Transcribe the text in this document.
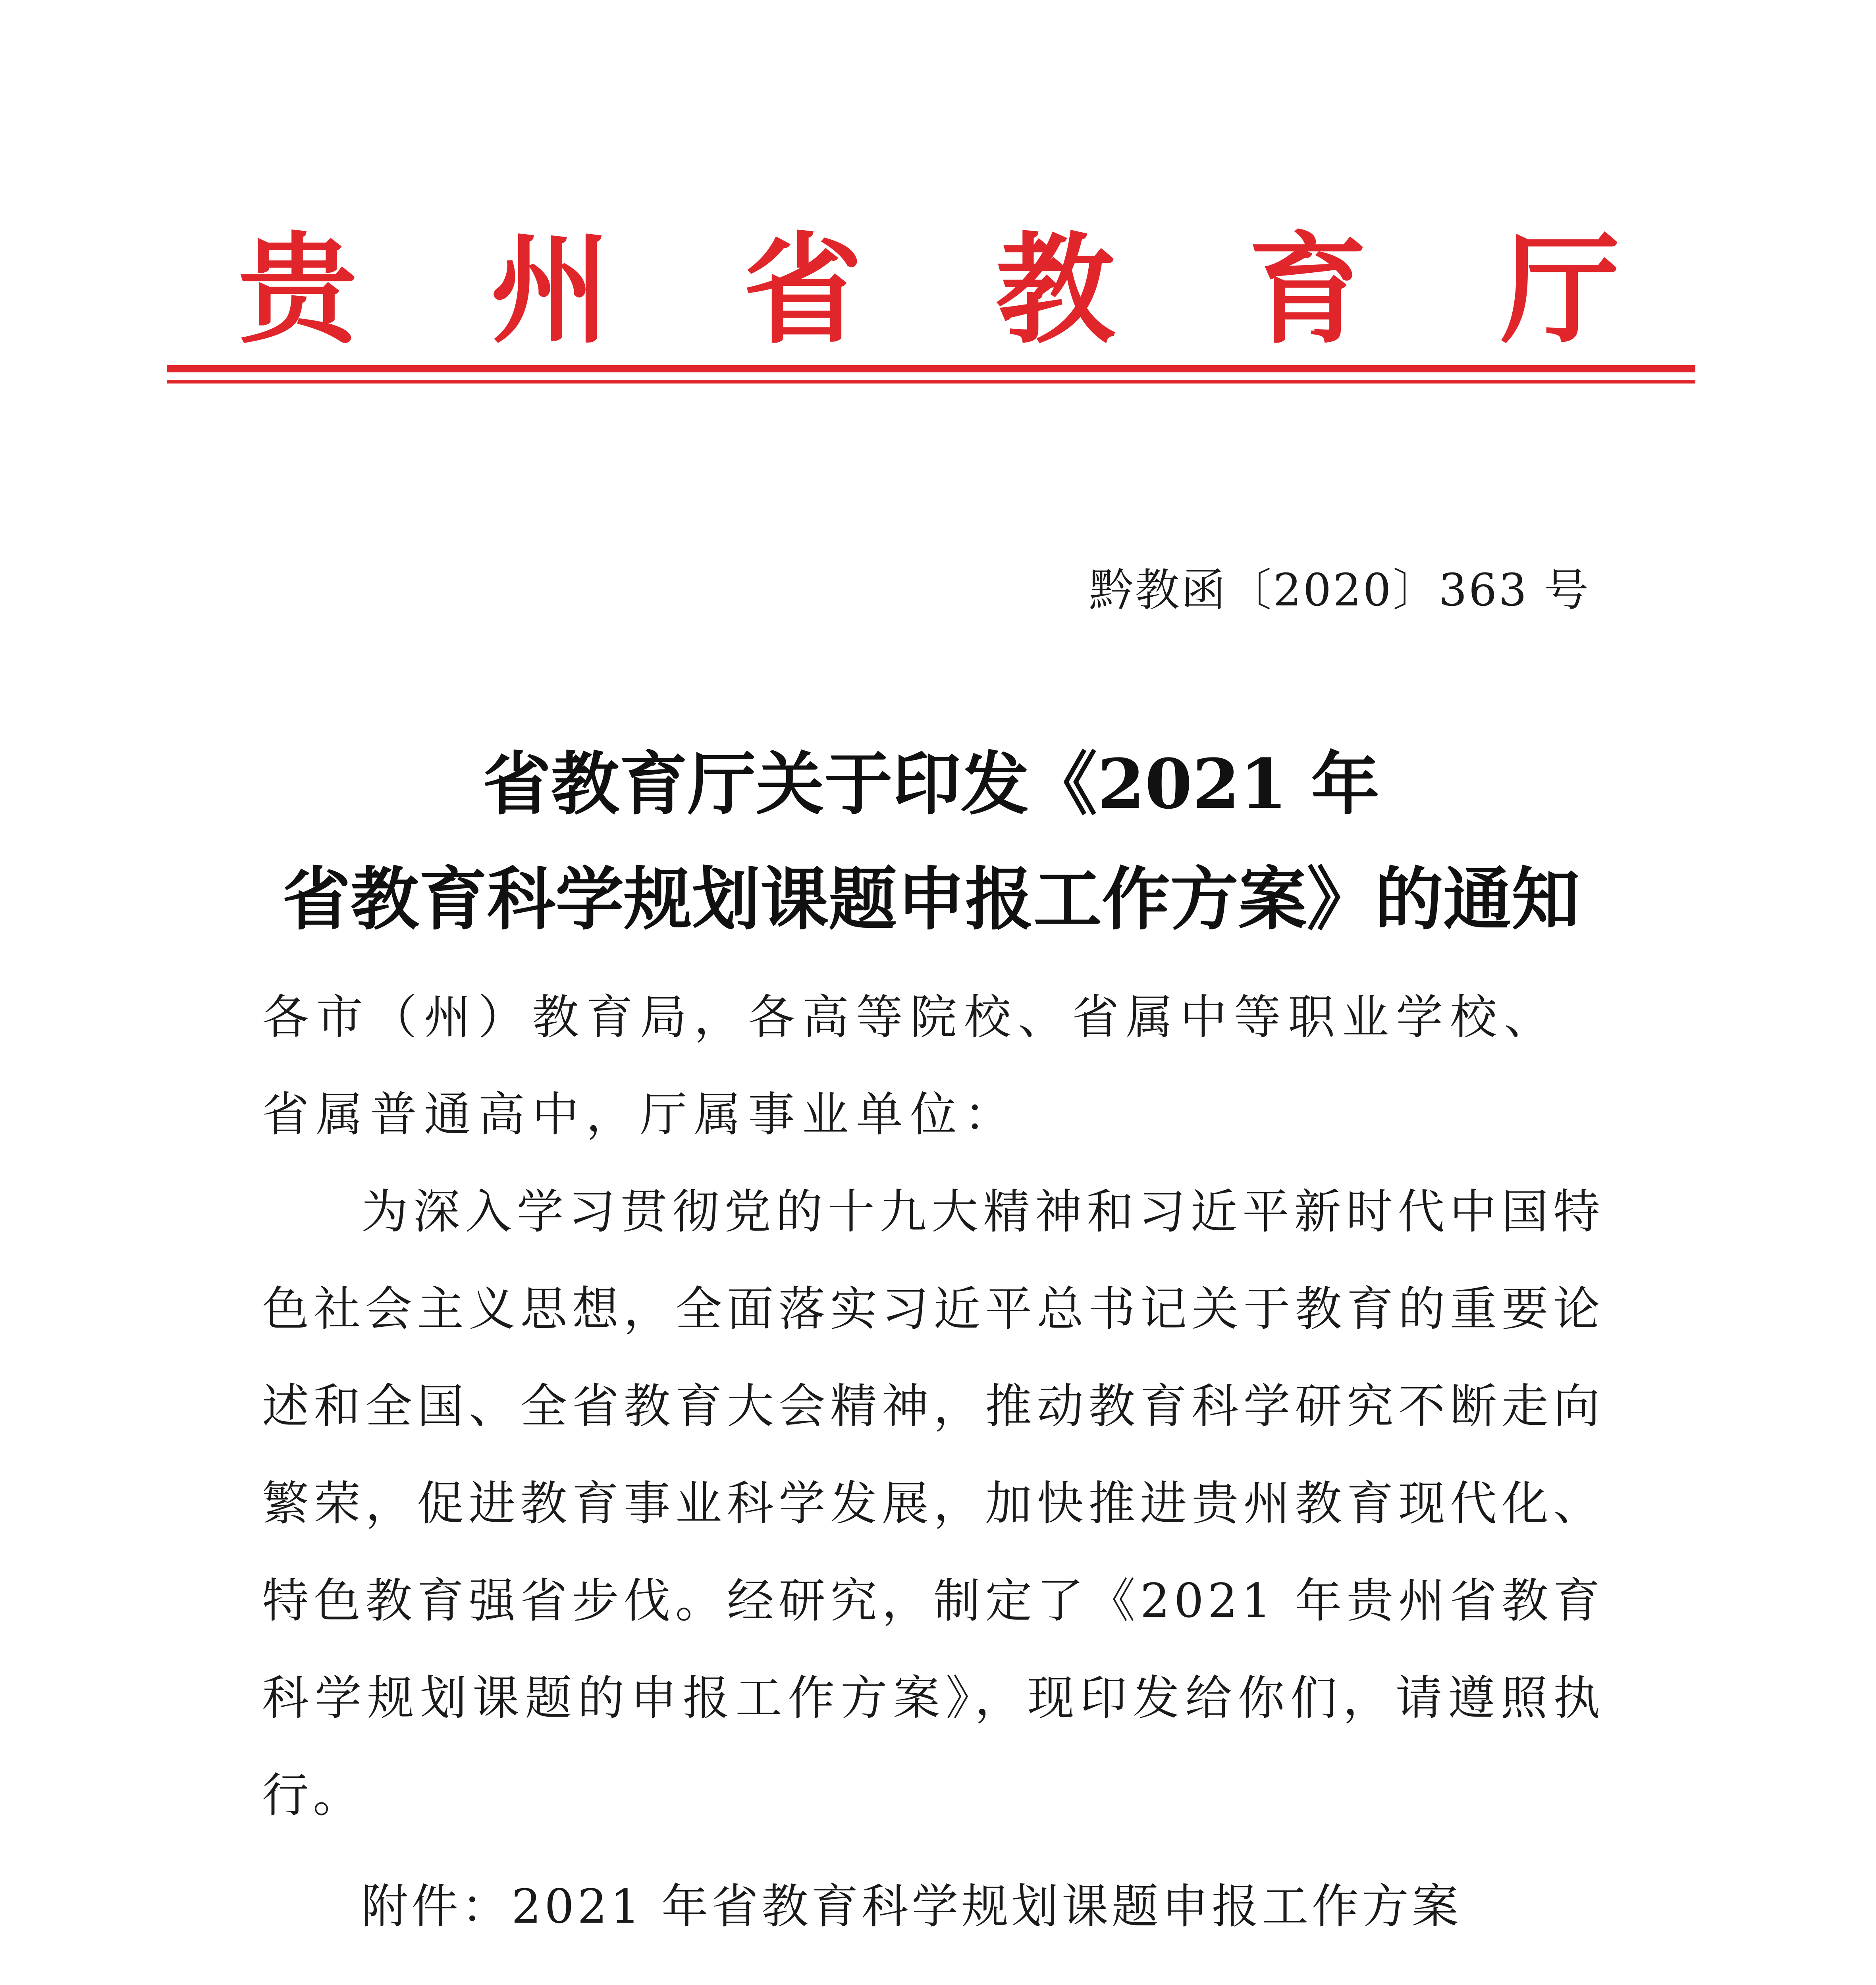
贵 州 省 教 育 厅
黔教函〔2020〕363 号
省教育厅关于印发《2021 年
省教育科学规划课题申报工作方案》的通知
各市（州）教育局，各高等院校、省属中等职业学校、省属普通高中，厅属事业单位：
为深入学习贯彻党的十九大精神和习近平新时代中国特色社会主义思想，全面落实习近平总书记关于教育的重要论述和全国、全省教育大会精神，推动教育科学研究不断走向繁荣，促进教育事业科学发展，加快推进贵州教育现代化、特色教育强省步伐。经研究，制定了《2021 年贵州省教育科学规划课题的申报工作方案》，现印发给你们，请遵照执行。
附件：2021 年省教育科学规划课题申报工作方案
